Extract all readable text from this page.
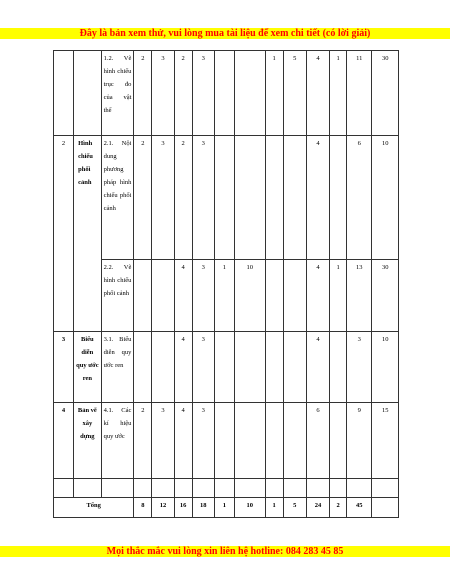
Đây là bản xem thử, vui lòng mua tài liệu để xem chi tiết (có lời giải)
		1.2. Vẽ hình chiếu trục đo của vật thể	2	3	2	3			1	5	4	1	11	30
2	Hình chiếu phối cảnh	2.1. Nội dung phương pháp hình chiếu phối cảnh	2	3	2	3					4		6	10
		2.2. Vẽ hình chiếu phối cảnh			4	3	1	10			4	1	13	30
3	Biểu diễn quy ước ren	3.1. Biểu diễn quy ước ren			4	3					4		3	10
4	Bản vẽ xây dựng	4.1. Các kí hiệu quy ước	2	3	4	3					6		9	15

Tổng			8	12	16	18	1	10	1	5	24	2	45	
Mọi thắc mắc vui lòng xin liên hệ hotline: 084 283 45 85
